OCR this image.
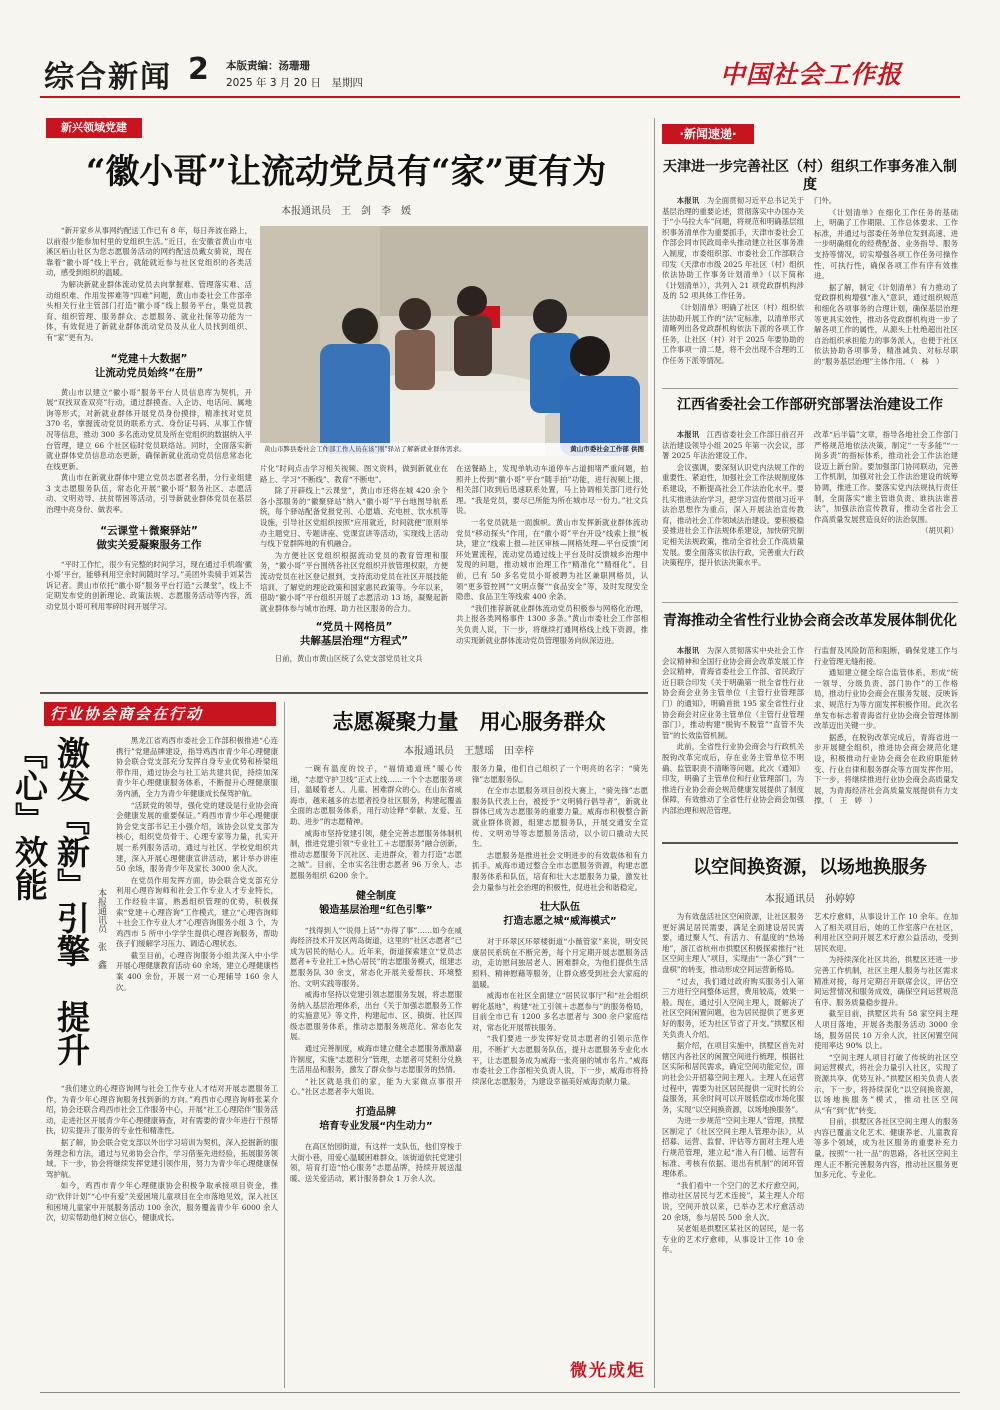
综合新闻 2 本版责编：汤珊珊
2025 年 3 月 20 日　星期四	中国社会工作报
新兴领域党建
“徽小哥”让流动党员有“家”更有为
本报通讯员　王　剑　李　媛

“新开家乡从事网约配送工作已有 8 年，每日奔波在路上，以前很少能参加村里的党组织生活。”近日，在安徽省黄山市屯溪区栢山社区为您志愿服务活动的网约配送员戴女骑说，现在靠着“徽小哥”线上平台，就能就近参与社区党组织的各类活动，感受到组织的温暖。

为解决新就业群体流动党员去向掌握难、管理落实难、活动组织难、作用发挥难等“四难”问题，黄山市委社会工作部牵头相关行业主管部门打造“徽小哥”线上服务平台，集党员教育、组织管理、服务群众、志愿服务、就业社保等功能为一体，有效促进了新就业群体流动党员及从业人员找到组织、有“家”更有为。

“党建＋大数据”
让流动党员始终“在册”

黄山市以建立“徽小哥”服务平台人员信息库为契机，开展“双找双查双亮”行动，通过群摸查、入企访、电话问、属地询等形式，对新就业群体开展党员身份摸排，精准找对党员 370 名，掌握流动党员的联系方式、身份证号码、从事工作情况等信息，推动 300 多名流动党员及所在党组织的数据纳入平台管理，建立 66 个社区临时党员联络站。同时，全面落实新就业群体党员信息动态更新，确保新就业流动党员信息常态化在线更新。

黄山市在新就业群体中建立党员志愿者名册，分行业组建 3 支志愿服务队伍，常态化开展“徽小哥”服务社区、志愿活动、文明劝导、扶贫帮困等活动，引导新就业群体党员在基层治理中亮身份、做表率。

“云课堂＋微聚驿站”
做实关爱凝聚服务工作

“平时工作忙，很少有完整的时间学习，现在通过手机端‘徽小哥’平台，能够利用空余时间随时学习。”美团外卖骑手刘某告诉记者。黄山市依托“徽小哥”服务平台打造“云课堂”，线上不定期发布党的创新理论、政策法规、志愿服务活动等内容，流动党员小哥可利用零碎时间开展学习。

黄山市黟县委社会工作部工作人员在该“刚”驿站了解新就业群体需求。	黄山市委社会工作部 供图

片化”时间点击学习相关视频、图文资料，做到新就业在路上、学习“不断线”、教育“不断电”。

除了开辟线上“云课堂”，黄山市还将在城 420 余个各小部服务的“徽聚驿站”纳入“徽小哥”平台地图导航系统，每个驿站配备党报党刊、心愿墙、充电桩、饮水机等设施，引导社区党组织按照“应用就近，时间就便”原则举办主题党日、专题讲座、党课宣讲等活动，实现线上活动与线下党群阵地的有机融合。

为方便社区党组织根据流动党员的教育管理和服务，“徽小哥”平台围绕各社区党组织开放管理权限，方便流动党员在社区登记报到，支持流动党员在社区开展技能培训、了解党的理论政策和国家惠民政策等。今年以来，借助“徽小哥”平台组织开展了志愿活动 13 场，凝聚起新就业群体参与城市治理、助力社区服务的合力。

“党员＋网格员”
共解基层治理“方程式”

日前，黄山市黄山区统了么党支部党员社文兵

在送餐路上，发现单轨动车道停车占道拥堵严重问题，拍照并上传到“徽小哥”平台“随手拍”功能，进行视频上报，相关部门收到后迅速联系处置，马上协调相关部门进行处理。“我是党员，要尽已所能为所在城市尽一份力。”社文兵说。

一名党员就是一面旗帜。黄山市发挥新就业群体流动党员“移动探头”作用，在“徽小哥”平台开设“线索上报”板块，建立“线索上报—社区审核—网格处理—平台反馈”闭环处置流程，流动党员通过线上平台及时反馈城乡治理中发现的问题，推动城市治理工作“精准化”“精细化”。目前，已有 50 多名党员小哥被聘为社区兼职网格员，认领“更多管控网”“文明点餐”“食品安全”等，及时发现安全隐患、食品卫生等线索 400 余条。

“我们推荐新就业群体流动党员积极参与网格化治理，共上报各类网格事件 1300 多条。”黄山市委社会工作部相关负责人说，下一步，将继续打通网格线上线下资源，推动实现新就业群体流动党员管理服务向纵深迈进。

·新闻速递·
天津进一步完善社区（村）组织工作事务准入制度

本报讯　 为全面贯彻习近平总书记关于基层治理的重要论述，贯彻落实中办国办关于“小马拉大车”问题，将规范和明确基层组织事务清单作为重要抓手，天津市委社会工作部会同市民政局牵头推动建立社区事务准入制度，市委组织部、市委社会工作部联合印发《天津市市级 2025 年社区（村）组织依法协助工作事务计划清单》（以下简称《计划清单》），共列入 21 项党政群机构涉及的 52 项具体工作任务。

《计划清单》明确了社区（村）组织依法协助开展工作的“法”定标准，以清单形式清晰列出各党政群机构依法下派的各项工作任务，让社区（村）对于 2025 年要协助的工作事项一清二楚，将不会出现不合理的工作任务下派等情况。

门外。

《计划清单》在细化工作任务的基础上，明确了工作期限、工作总体要求、工作标准，并通过与部委任务单位发到高速、进一步明确细化的经费配备、业务指导、服务支持等情况，切实增强各项工作任务可操作性、可执行性，确保各项工作有序有效推进。

据了解，制定《计划清单》有力推动了党政群机构增强“准入”意识，通过组织规范和细化各项事务的合理计划，确保基层治理等更具实效性，推动各党政群机构进一步了解各项工作的属性，从源头上杜绝超出社区自治组织承担能力的事务派入，也便于社区依法协助各项事务，精准减负、对标尽职的“服务基层治理”主体作用。（　秭　）

江西省委社会工作部研究部署法治建设工作

本报讯　 江西省委社会工作部日前召开法治建设领导小组 2025 年第一次会议，部署 2025 年法治建设工作。

会议强调，要深刻认识党内法规工作的重要性、紧迫性，加强社会工作法规制度体系建设，不断提高社会工作法治化水平。要扎实推进法治学习，把学习宣传贯彻习近平法治思想作为重点，深入开展法治宣传教育，推动社会工作领域法治建设。要积极稳妥推进社会工作法规体系建设，加快研究制定相关法规政策，推动全省社会工作高质量发展。要全面落实依法行政，完善重大行政决策程序，提升依法决策水平。

改革“后半篇”文章，指导各地社会工作部门严格规范地依法决策，制定“一专多能”“一岗多责”的指标体系，推动社会工作法治建设迈上新台阶。要加强部门协同联动，完善工作机制，加强对社会工作法治建设的统筹协调，推进工作。要落实党内法规执行责任制，全面落实“谁主管谁负责、谁执法谁普法”，加强法治宣传教育，推动全省社会工作高质量发展营造良好的法治氛围。

（胡贝莉）

青海推动全省性行业协会商会改革发展体制优化

本报讯　 为深入贯彻落实中央社会工作会议精神和全国行业协会商会改革发展工作会议精神，青海省委社会工作部、省民政厅近日联合印发《关于明确第一批全省性行业协会商会业务主管单位（主管行业管理部门）的通知》，明确首批 195 家全省性行业协会商会对应业务主管单位（主管行业管理部门），推动构建“脱钩不脱管”“直管不失管”的长效监管机制。

此前，全省性行业协会商会与行政机关脱钩改革完成后，存在业务主管单位不明确、监管职责不清晰等问题。此次《通知》印发，明确了主管单位和行业管理部门，为推进行业协会商会规范健康发展提供了制度保障，有效推动了全省性行业协会商会加强内部治理和规范管理。

行监督及风险防范和阻断，确保党建工作与行业管理无缝衔接。

通知建立健全综合监管体系，形成“统一领导、分级负责、部门协作”的工作格局，推动行业协会商会在服务发展、反映诉求、规范行为等方面发挥积极作用。此次名单发布标志着青海省行业协会商会管理体制改革迈出关键一步。

据悉，在脱钩改革完成后，青海省进一步开展健全组织，推进协会商会规范化建设，积极推动行业协会商会在政府职能转变、行业自律和服务群众等方面发挥作用。下一步，将继续推进行业协会商会高质量发展，为青海经济社会高质量发展提供有力支撑。（　王　婷　）

以空间换资源，以场地换服务
本报通讯员　孙婷婷

为有效盘活社区空闲资源，让社区服务更好满足居民需要，满足全面建设居民需要，通过聚人气、有活力、有温度的“热场地”，浙江省杭州市拱墅区积极探索推行“社区空间主理人”项目，实现由“一条心”到“一盘棋”的转变，推动形成空间运营新格局。

“过去，我们通过政府购买服务引入第三方进行空间整体运营，费用较高，效果一般。现在，通过引入空间主理人，既解决了社区空间闲置问题，也为居民提供了更多更好的服务，还为社区节省了开支。”拱墅区相关负责人介绍。

据介绍，在项目实施中，拱墅区首先对辖区内各社区的闲置空间进行梳理，根据社区实际和居民需求，确定空间功能定位，面向社会公开招募空间主理人。主理人在运营过程中，需要为社区居民提供一定时长的公益服务，其余时间可以开展低偿或市场化服务，实现“以空间换资源，以场地换服务”。

为进一步规范“空间主理人”管理，拱墅区制定了《社区空间主理人管理办法》，从招募、运营、监督、评估等方面对主理人进行规范管理，建立起“准入有门槛、运营有标准、考核有依据、退出有机制”的闭环管理体系。

“我们看中一个空门的艺术疗愈空间，推动社区居民与艺术连接”，某主理人介绍说，空间开放以来，已举办艺术疗愈活动 20 余场，参与居民 500 余人次。

吴老姐是拱墅区某社区的居民，是一名专业的艺术疗愈师，从事设计工作 10 余年。

艺术疗愈师，从事设计工作 10 余年。在加入了相关项目后，她的工作室落户在社区，利用社区空间开展艺术疗愈公益活动，受到居民欢迎。

为持续深化社区共治，拱墅区还进一步完善工作机制，社区主理人服务与社区需求精准对接，每月定期召开联席会议，评估空间运营情况和服务成效，确保空间运营规范有序、服务质量稳步提升。

截至目前，拱墅区共有 58 家空间主理人项目落地，开展各类服务活动 3000 余场，服务居民 10 万余人次，社区闲置空间使用率达 90% 以上。

“空间主理人项目打破了传统的社区空间运营模式，将社会力量引入社区，实现了资源共享、优势互补。”拱墅区相关负责人表示，下一步，将持续深化“以空间换资源，以场地换服务”模式，推动社区空间从“有”到“优”转变。

目前，拱墅区各社区空间主理人的服务内容已覆盖文化艺术、健康养老、儿童教育等多个领域，成为社区服务的重要补充力量。按照“一社一品”的思路，各社区空间主理人正不断完善服务内容，推动社区服务更加多元化、专业化。

行业协会商会在行动
激发『新』引擎　提升『心』效能
本报通讯员　张　鑫

黑龙江省鸡西市委社会工作部积极推进“心连携行”党建品牌建设，指导鸡西市青少年心理健康协会联合党支部充分发挥自身专业优势和桥梁纽带作用，通过协会与社工站共建共促，持续加深青少年心理健康服务体系，不断提升心理健康服务内涵，全力为青少年健康成长保驾护航。

“活跃党的领导，强化党的建设是行业协会商会健康发展的重要保证。”鸡西市青少年心理健康协会党支部书记王小强介绍，该协会以党支部为核心，组织党员骨干、心理专家等力量，扎实开展一系列服务活动，通过与社区、学校党组织共建，深入开展心理健康宣讲活动，累计举办讲座 50 余场，服务青少年及家长 3000 余人次。

在党员作用发挥方面，协会联合党支部充分利用心理咨询师和社会工作专业人才专业特长，工作经验丰富，熟悉组织管理的优势，积极探索“党建＋心理咨询”工作模式，建立“心理咨询师＋社会工作专业人才”心理咨询服务小组 3 个，为鸡西市 5 所中小学学生提供心理咨询服务，帮助孩子们缓解学习压力、调适心理状态。

截至目前，心理咨询服务小组共深入中小学开展心理健康教育活动 60 余场，建立心理健康档案 400 余份，开展一对一心理辅导 160 余人次。

“我们建立的心理咨询网与社会工作专业人才结对开展志愿服务工作，为青少年心理咨询服务找到新的方向。”鸡西市心理咨询师张某介绍，协会还联合鸡西市社会工作服务中心，开展“社工心理陪伴”服务活动，走进社区开展青少年心理健康筛查，对有需要的青少年进行干预帮扶，切实提升了服务的专业性和精准性。

据了解，协会联合党支部以外出学习培训为契机，深入挖掘新的服务理念和方法，通过与兄弟协会合作，学习借鉴先进经验，拓展服务领域。下一步，协会将继续发挥党建引领作用，努力为青少年心理健康保驾护航。

如今，鸡西市青少年心理健康协会积极争取承接项目资金，推动“欣伴计划”“心中有爱”关爱困境儿童项目在全市落地见效，深入社区和困境儿童家中开展服务活动 100 余次，服务覆盖青少年 6000 余人次，切实帮助他们树立信心，健康成长。

志愿凝聚力量　用心服务群众
本报通讯员　王慧瑶　田幸梓

一碗有温度的饺子，“福情通道班”暖心传递，“志愿守护卫线”正式上线……一个个志愿服务项目，温暖着老人、儿童、困难群众的心。在山东省威海市，越来越多的志愿者投身社区服务，构建起覆盖全面的志愿服务体系，用行动诠释“奉献、友爱、互助、进步”的志愿精神。

威海市坚持党建引领，健全完善志愿服务体制机制，推进党建引领“专业社工＋志愿服务”融合创新，推动志愿服务下沉社区、走进群众，着力打造“志愿之城”。目前，全市实名注册志愿者 96 万余人，志愿服务组织 6200 余个。

健全制度
锻造基层治理“红色引擎”

“找得到人”“说得上话”“办得了事”……如今在威海经济技术开发区两岛街道，这里的“社区志愿者”已成为居民的贴心人。近年来，街道探索建立“党员志愿者+专业社工+热心居民”的志愿服务模式，组建志愿服务队 30 余支，常态化开展关爱帮扶、环境整治、文明实践等服务。

威海市坚持以党建引领志愿服务发展，将志愿服务纳入基层治理体系，出台《关于加强志愿服务工作的实施意见》等文件，构建起市、区、镇街、社区四级志愿服务体系，推动志愿服务规范化、常态化发展。

通过完善制度，威海市建立健全志愿服务激励嘉许制度，实施“志愿积分”管理，志愿者可凭积分兑换生活用品和服务，激发了群众参与志愿服务的热情。

“社区就是我们的家，能为大家做点事很开心。”社区志愿者李大姐说。

打造品牌
培育专业发展“内生动力”

在高区怡园街道，有这样一支队伍，他们穿梭于大街小巷，用爱心温暖困难群众。该街道依托党建引领，培育打造“怡心服务”志愿品牌，持续开展送温暖、送关爱活动，累计服务群众 1 万余人次。

服务力量，他们自己组织了一个明亮的名字：“骑先锋”志愿服务队。

在全市志愿服务项目创投大赛上，“骑先锋”志愿服务队代表上台，被授予“文明骑行倡导者”，新就业群体已成为志愿服务的重要力量。威海市积极整合新就业群体资源，组建志愿服务队，开展交通安全宣传、文明劝导等志愿服务活动，以小切口撬动大民生。

志愿服务是推进社会文明进步的有效载体和有力抓手。威海市通过整合全市志愿服务资源，构建志愿服务体系和队伍，培育和壮大志愿服务力量，激发社会力量参与社会治理的积极性，促进社会和谐稳定。

壮大队伍
打造志愿之城“威海模式”

对于环翠区环翠楼街道“小薇管家”来说，明安民康居民系统在不断完善，每个月定期开展志愿服务活动，走访慰问独居老人、困难群众，为他们提供生活照料、精神慰藉等服务，让群众感受到社会大家庭的温暖。

威海市在社区全面建立“居民议事厅”和“社会组织孵化基地”，构建“社工引领＋志愿参与”的服务格局，目前全市已有 1200 多名志愿者与 300 余户家庭结对，常态化开展帮扶服务。

“我们要进一步发挥好党员志愿者的引领示范作用，不断扩大志愿服务队伍，提升志愿服务专业化水平，让志愿服务成为威海一张亮丽的城市名片。”威海市委社会工作部相关负责人说，下一步，威海市将持续深化志愿服务，为建设幸福美好威海贡献力量。

微光成炬
